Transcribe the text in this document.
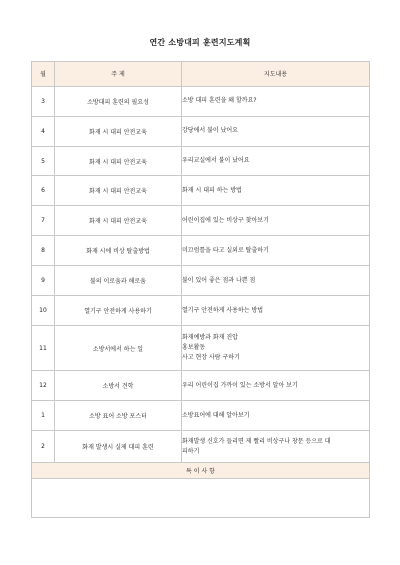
연간 소방대피 훈련지도계획
월	주 제	지도내용
3	소방대피 훈련의 필요성	소방 대피 훈련을 왜 할까요?

4	화재 시 대피 안전교육	강당에서 불이 났어요

5	화재 시 대피 안전교육	우리교실에서 불이 났어요

6	화재 시 대피 안전교육	화재 시 대피 하는 방법

7	화재 시 대피 안전교육	어린이집에 있는 비상구 찾아보기

8	화재 시에 비상 탈출방법	미끄럼틀을 타고 실외로 탈출하기

9	불의 이로움과 해로움	불이 있어 좋은 점과 나쁜 점

10	열기구 안전하게 사용하기	열기구 안전하게 사용하는 방법

11	소방서에서 하는 일	화재예방과 화재 진압
홍보활동
사고 현장 사람 구하기

12	소방서 견학	우리 어린이집 가까이 있는 소방서 알아 보기

1	소방 표어 소방 포스터	소방표어에 대해 알아보기

2	화재 발생시 실제 대피 훈련	화재발생 신호가 들리면 제 빨리 비상구나 창문 등으로 대
피하기

특 이 사 항		
